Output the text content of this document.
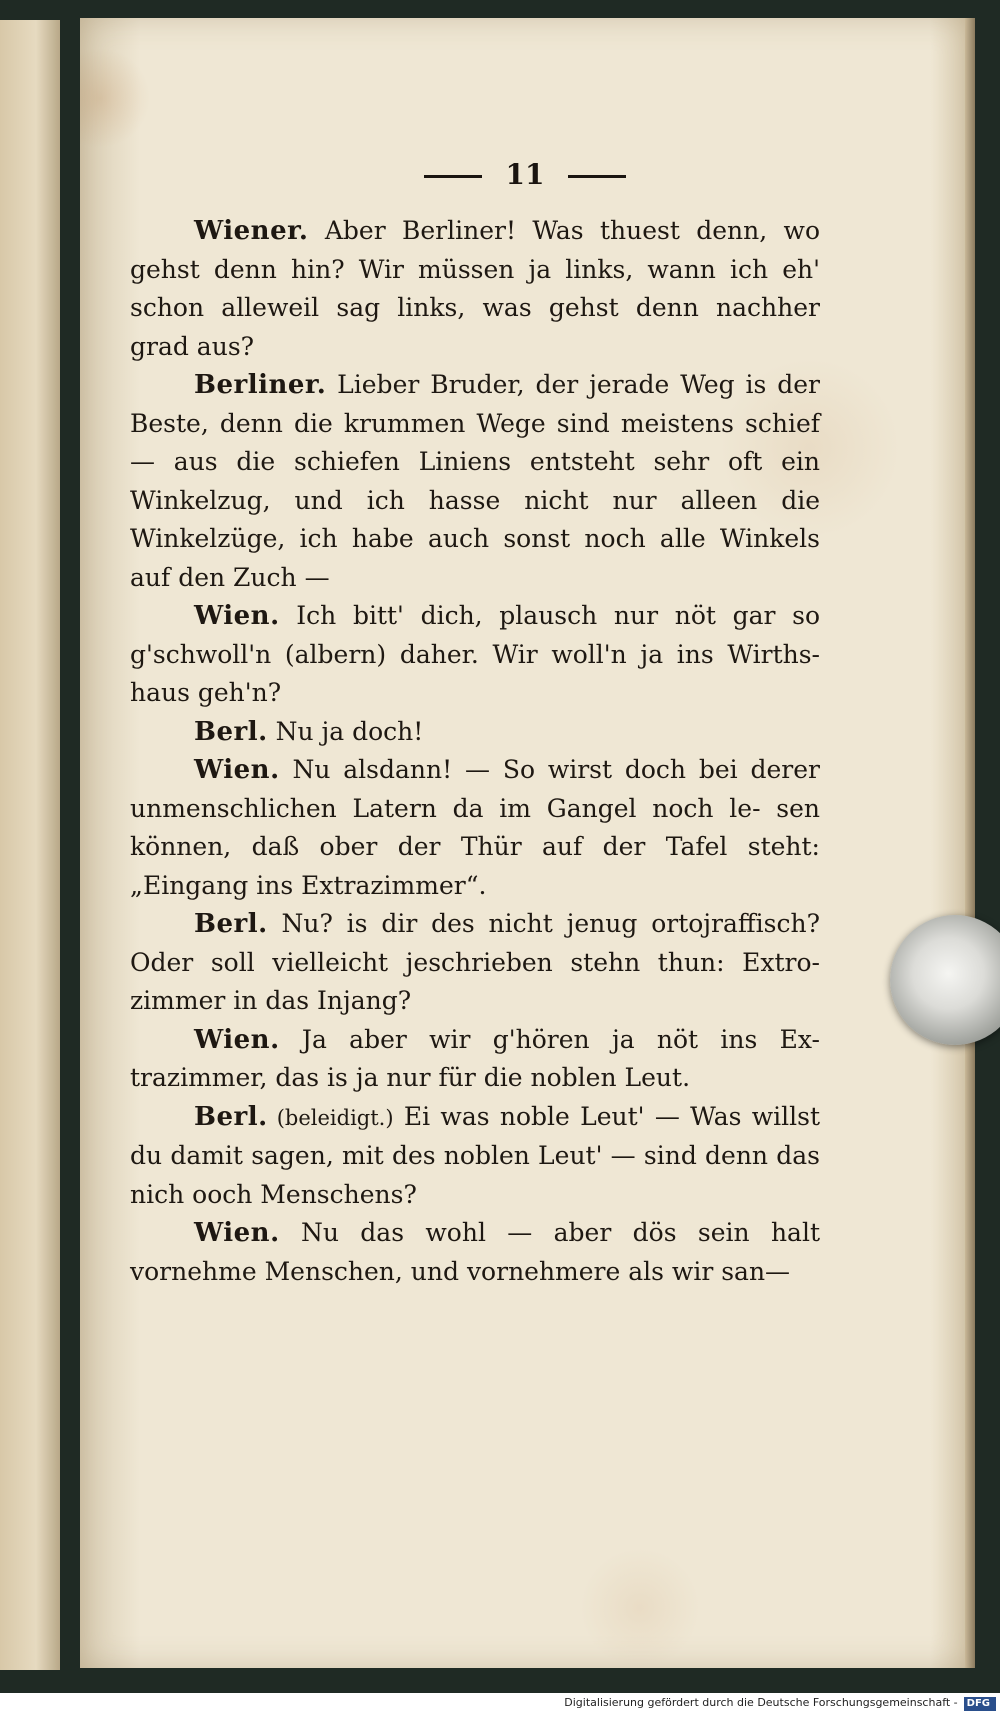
11

Wiener. Aber Berliner! Was thuest denn, wo gehst denn hin? Wir müssen ja links, wann ich eh' schon alleweil sag links, was gehst denn nachher grad aus?

Berliner. Lieber Bruder, der jerade Weg is der Beste, denn die krummen Wege sind meistens schief — aus die schiefen Liniens entsteht sehr oft ein Winkelzug, und ich hasse nicht nur alleen die Winkelzüge, ich habe auch sonst noch alle Winkels auf den Zuch —

Wien. Ich bitt' dich, plausch nur nöt gar so g'schwoll'n (albern) daher. Wir woll'n ja ins Wirths- haus geh'n?

Berl. Nu ja doch!

Wien. Nu alsdann! — So wirst doch bei derer unmenschlichen Latern da im Gangel noch le- sen können, daß ober der Thür auf der Tafel steht: „Eingang ins Extrazimmer“.

Berl. Nu? is dir des nicht jenug ortojraffisch? Oder soll vielleicht jeschrieben stehn thun: Extro- zimmer in das Injang?

Wien. Ja aber wir g'hören ja nöt ins Ex- trazimmer, das is ja nur für die noblen Leut.

Berl. (beleidigt.) Ei was noble Leut' — Was willst du damit sagen, mit des noblen Leut' — sind denn das nich ooch Menschens?

Wien. Nu das wohl — aber dös sein halt vornehme Menschen, und vornehmere als wir san—

Digitalisierung gefördert durch die Deutsche Forschungsgemeinschaft - DFG
